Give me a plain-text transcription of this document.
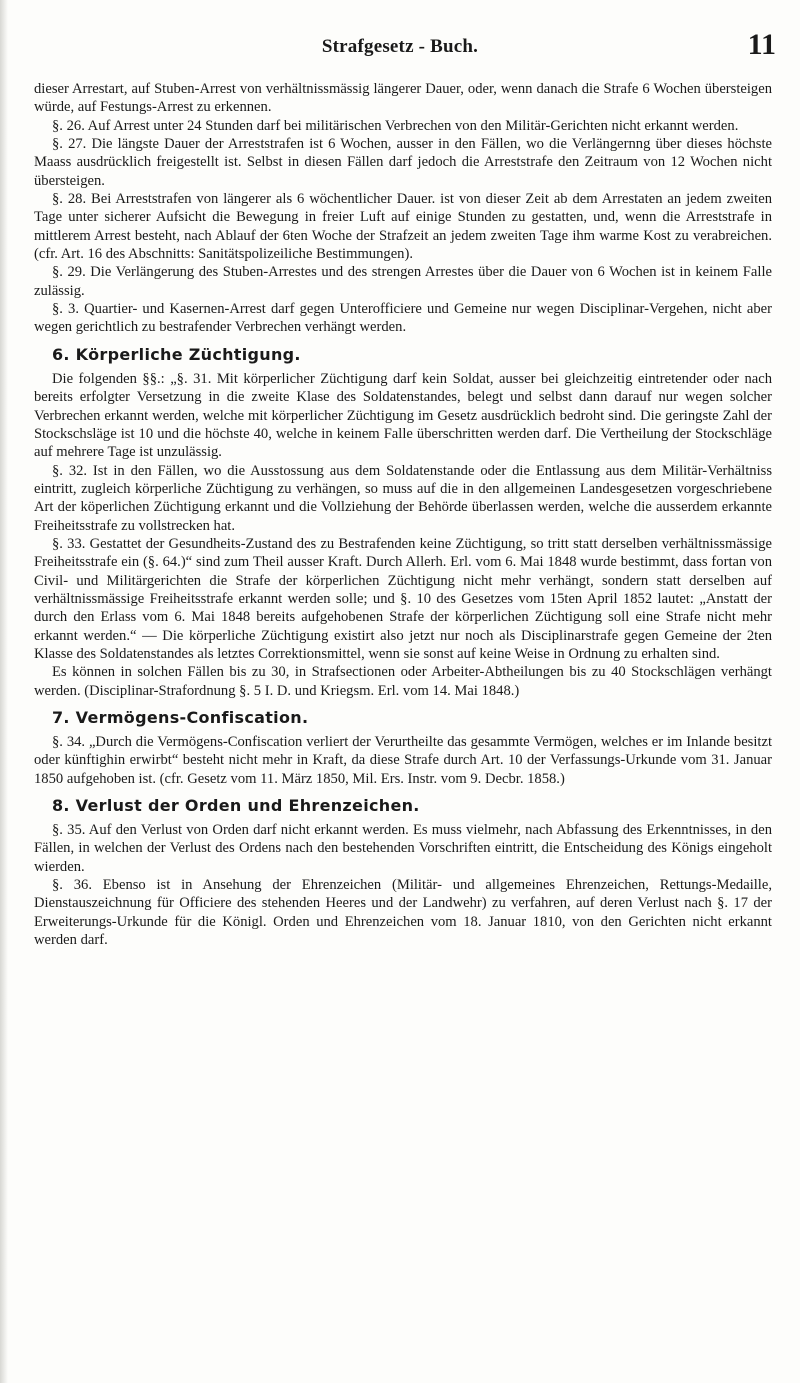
Strafgesetz - Buch.	11

dieser Arrestart, auf Stuben-Arrest von verhältnissmässig längerer Dauer, oder, wenn danach die Strafe 6 Wochen übersteigen würde, auf Festungs-Arrest zu erkennen.

§. 26. Auf Arrest unter 24 Stunden darf bei militärischen Verbrechen von den Militär-Gerichten nicht erkannt werden.

§. 27. Die längste Dauer der Arreststrafen ist 6 Wochen, ausser in den Fällen, wo die Verlängernng über dieses höchste Maass ausdrücklich freigestellt ist. Selbst in diesen Fällen darf jedoch die Arreststrafe den Zeitraum von 12 Wochen nicht übersteigen.

§. 28. Bei Arreststrafen von längerer als 6 wöchentlicher Dauer. ist von dieser Zeit ab dem Arrestaten an jedem zweiten Tage unter sicherer Aufsicht die Bewegung in freier Luft auf einige Stunden zu gestatten, und, wenn die Arreststrafe in mittlerem Arrest besteht, nach Ablauf der 6ten Woche der Strafzeit an jedem zweiten Tage ihm warme Kost zu verabreichen. (cfr. Art. 16 des Abschnitts: Sanitätspolizeiliche Bestimmungen).

§. 29. Die Verlängerung des Stuben-Arrestes und des strengen Arrestes über die Dauer von 6 Wochen ist in keinem Falle zulässig.

§. 3. Quartier- und Kasernen-Arrest darf gegen Unterofficiere und Gemeine nur wegen Disciplinar-Vergehen, nicht aber wegen gerichtlich zu bestrafender Verbrechen verhängt werden.

6. Körperliche Züchtigung.

Die folgenden §§.: „§. 31. Mit körperlicher Züchtigung darf kein Soldat, ausser bei gleichzeitig eintretender oder nach bereits erfolgter Versetzung in die zweite Klase des Soldatenstandes, belegt und selbst dann darauf nur wegen solcher Verbrechen erkannt werden, welche mit körperlicher Züchtigung im Gesetz ausdrücklich bedroht sind. Die geringste Zahl der Stockschsläge ist 10 und die höchste 40, welche in keinem Falle überschritten werden darf. Die Vertheilung der Stockschläge auf mehrere Tage ist unzulässig.

§. 32. Ist in den Fällen, wo die Ausstossung aus dem Soldatenstande oder die Entlassung aus dem Militär-Verhältniss eintritt, zugleich körperliche Züchtigung zu verhängen, so muss auf die in den allgemeinen Landesgesetzen vorgeschriebene Art der köperlichen Züchtigung erkannt und die Vollziehung der Behörde überlassen werden, welche die ausserdem erkannte Freiheitsstrafe zu vollstrecken hat.

§. 33. Gestattet der Gesundheits-Zustand des zu Bestrafenden keine Züchtigung, so tritt statt derselben verhältnissmässige Freiheitsstrafe ein (§. 64.)“ sind zum Theil ausser Kraft. Durch Allerh. Erl. vom 6. Mai 1848 wurde bestimmt, dass fortan von Civil- und Militärgerichten die Strafe der körperlichen Züchtigung nicht mehr verhängt, sondern statt derselben auf verhältnissmässige Freiheitsstrafe erkannt werden solle; und §. 10 des Gesetzes vom 15ten April 1852 lautet: „Anstatt der durch den Erlass vom 6. Mai 1848 bereits aufgehobenen Strafe der körperlichen Züchtigung soll eine Strafe nicht mehr erkannt werden.“ — Die körperliche Züchtigung existirt also jetzt nur noch als Disciplinarstrafe gegen Gemeine der 2ten Klasse des Soldatenstandes als letztes Correktionsmittel, wenn sie sonst auf keine Weise in Ordnung zu erhalten sind.

Es können in solchen Fällen bis zu 30, in Strafsectionen oder Arbeiter-Abtheilungen bis zu 40 Stockschlägen verhängt werden. (Disciplinar-Strafordnung §. 5 I. D. und Kriegsm. Erl. vom 14. Mai 1848.)

7. Vermögens-Confiscation.

§. 34. „Durch die Vermögens-Confiscation verliert der Verurtheilte das gesammte Vermögen, welches er im Inlande besitzt oder künftighin erwirbt“ besteht nicht mehr in Kraft, da diese Strafe durch Art. 10 der Verfassungs-Urkunde vom 31. Januar 1850 aufgehoben ist. (cfr. Gesetz vom 11. März 1850, Mil. Ers. Instr. vom 9. Decbr. 1858.)

8. Verlust der Orden und Ehrenzeichen.

§. 35. Auf den Verlust von Orden darf nicht erkannt werden. Es muss vielmehr, nach Abfassung des Erkenntnisses, in den Fällen, in welchen der Verlust des Ordens nach den bestehenden Vorschriften eintritt, die Entscheidung des Königs eingeholt wierden.

§. 36. Ebenso ist in Ansehung der Ehrenzeichen (Militär- und allgemeines Ehrenzeichen, Rettungs-Medaille, Dienstauszeichnung für Officiere des stehenden Heeres und der Landwehr) zu verfahren, auf deren Verlust nach §. 17 der Erweiterungs-Urkunde für die Königl. Orden und Ehrenzeichen vom 18. Januar 1810, von den Gerichten nicht erkannt werden darf.
